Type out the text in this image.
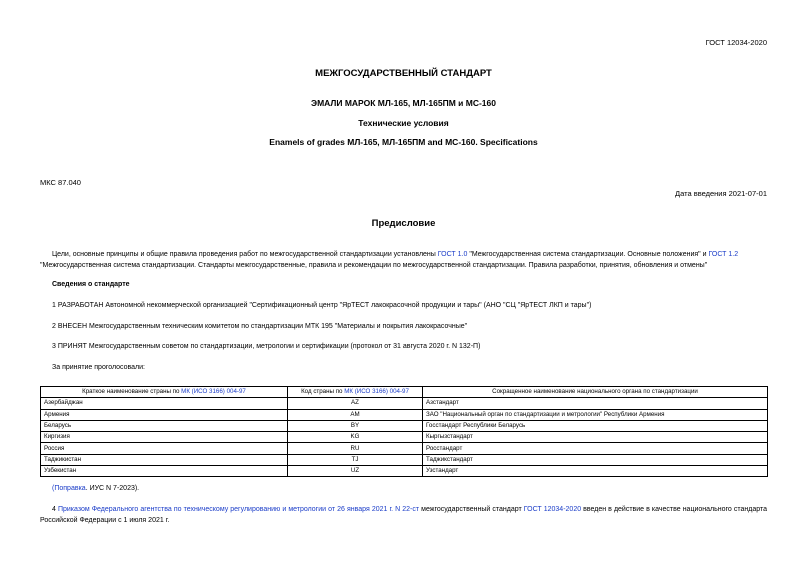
ГОСТ 12034-2020
МЕЖГОСУДАРСТВЕННЫЙ СТАНДАРТ
ЭМАЛИ МАРОК МЛ-165, МЛ-165ПМ и МС-160
Технические условия
Enamels of grades МЛ-165, МЛ-165ПМ and МС-160. Specifications
МКС 87.040
Дата введения 2021-07-01
Предисловие
Цели, основные принципы и общие правила проведения работ по межгосударственной стандартизации установлены ГОСТ 1.0 "Межгосударственная система стандартизации. Основные положения" и ГОСТ 1.2 "Межгосударственная система стандартизации. Стандарты межгосударственные, правила и рекомендации по межгосударственной стандартизации. Правила разработки, принятия, обновления и отмены"
Сведения о стандарте
1 РАЗРАБОТАН Автономной некоммерческой организацией "Сертификационный центр "ЯрТЕСТ лакокрасочной продукции и тары" (АНО "СЦ "ЯрТЕСТ ЛКП и тары")
2 ВНЕСЕН Межгосударственным техническим комитетом по стандартизации МТК 195 "Материалы и покрытия лакокрасочные"
3 ПРИНЯТ Межгосударственным советом по стандартизации, метрологии и сертификации (протокол от 31 августа 2020 г. N 132-П)
За принятие проголосовали:
Краткое наименование страны по МК (ИСО 3166) 004-97	Код страны по МК (ИСО 3166) 004-97	Сокращенное наименование национального органа по стандартизации
Азербайджан	AZ	Азстандарт
Армения	AM	ЗАО "Национальный орган по стандартизации и метрологии" Республики Армения
Беларусь	BY	Госстандарт Республики Беларусь
Киргизия	KG	Кыргызстандарт
Россия	RU	Росстандарт
Таджикистан	TJ	Таджикстандарт
Узбекистан	UZ	Узстандарт
(Поправка. ИУС N 7-2023).
4 Приказом Федерального агентства по техническому регулированию и метрологии от 26 января 2021 г. N 22-ст межгосударственный стандарт ГОСТ 12034-2020 введен в действие в качестве национального стандарта Российской Федерации с 1 июля 2021 г.
